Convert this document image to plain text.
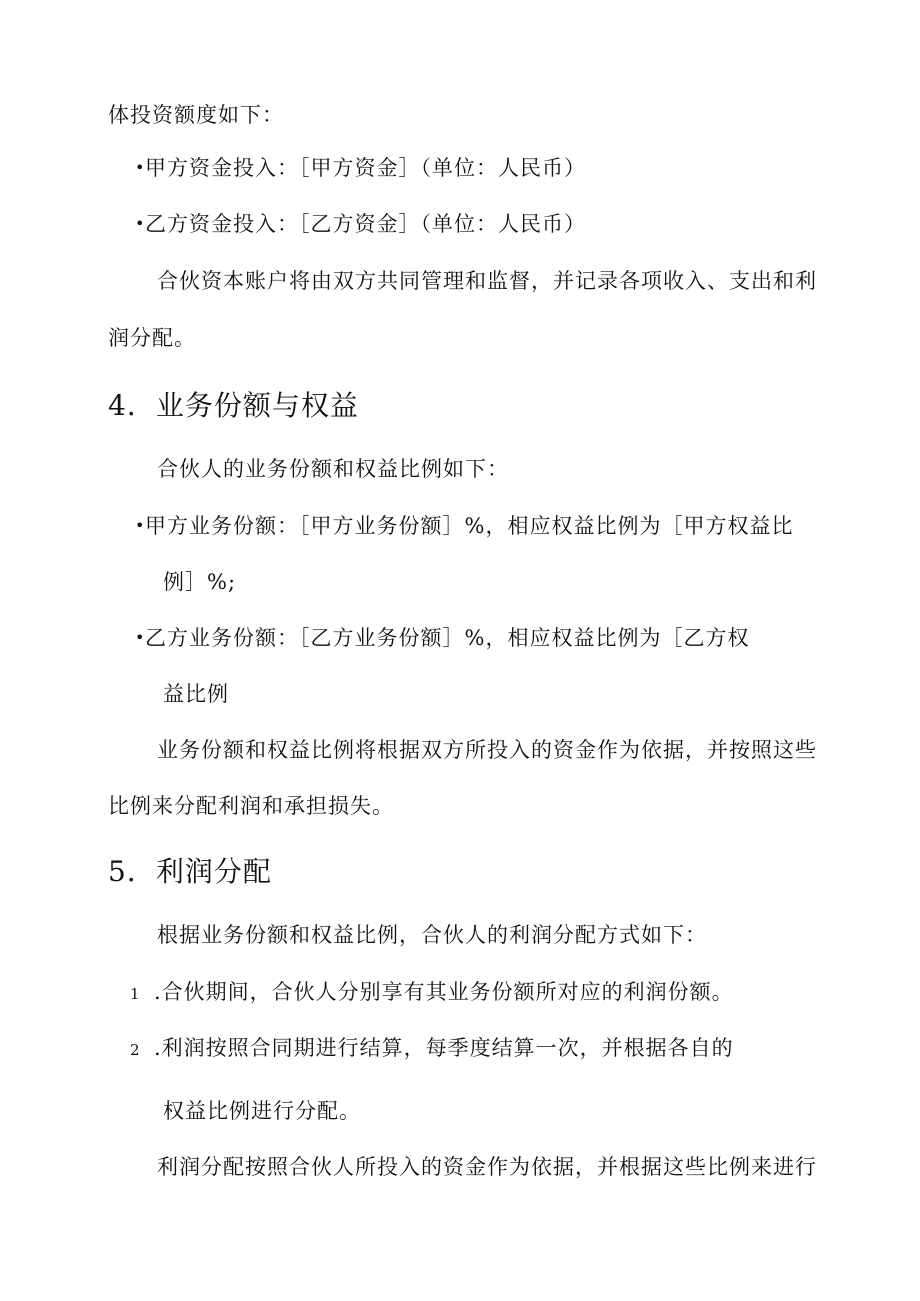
体投资额度如下：
•甲方资金投入：［甲方资金］（单位：人民币）
•乙方资金投入：［乙方资金］（单位：人民币）
合伙资本账户将由双方共同管理和监督，并记录各项收入、支出和利
润分配。
4．业务份额与权益
合伙人的业务份额和权益比例如下：
•甲方业务份额：［甲方业务份额］%，相应权益比例为［甲方权益比
例］%;
•乙方业务份额：［乙方业务份额］%，相应权益比例为［乙方权
益比例
业务份额和权益比例将根据双方所投入的资金作为依据，并按照这些
比例来分配利润和承担损失。
5．利润分配
根据业务份额和权益比例，合伙人的利润分配方式如下：
1 .合伙期间，合伙人分别享有其业务份额所对应的利润份额。
2 .利润按照合同期进行结算，每季度结算一次，并根据各自的
权益比例进行分配。
利润分配按照合伙人所投入的资金作为依据，并根据这些比例来进行
